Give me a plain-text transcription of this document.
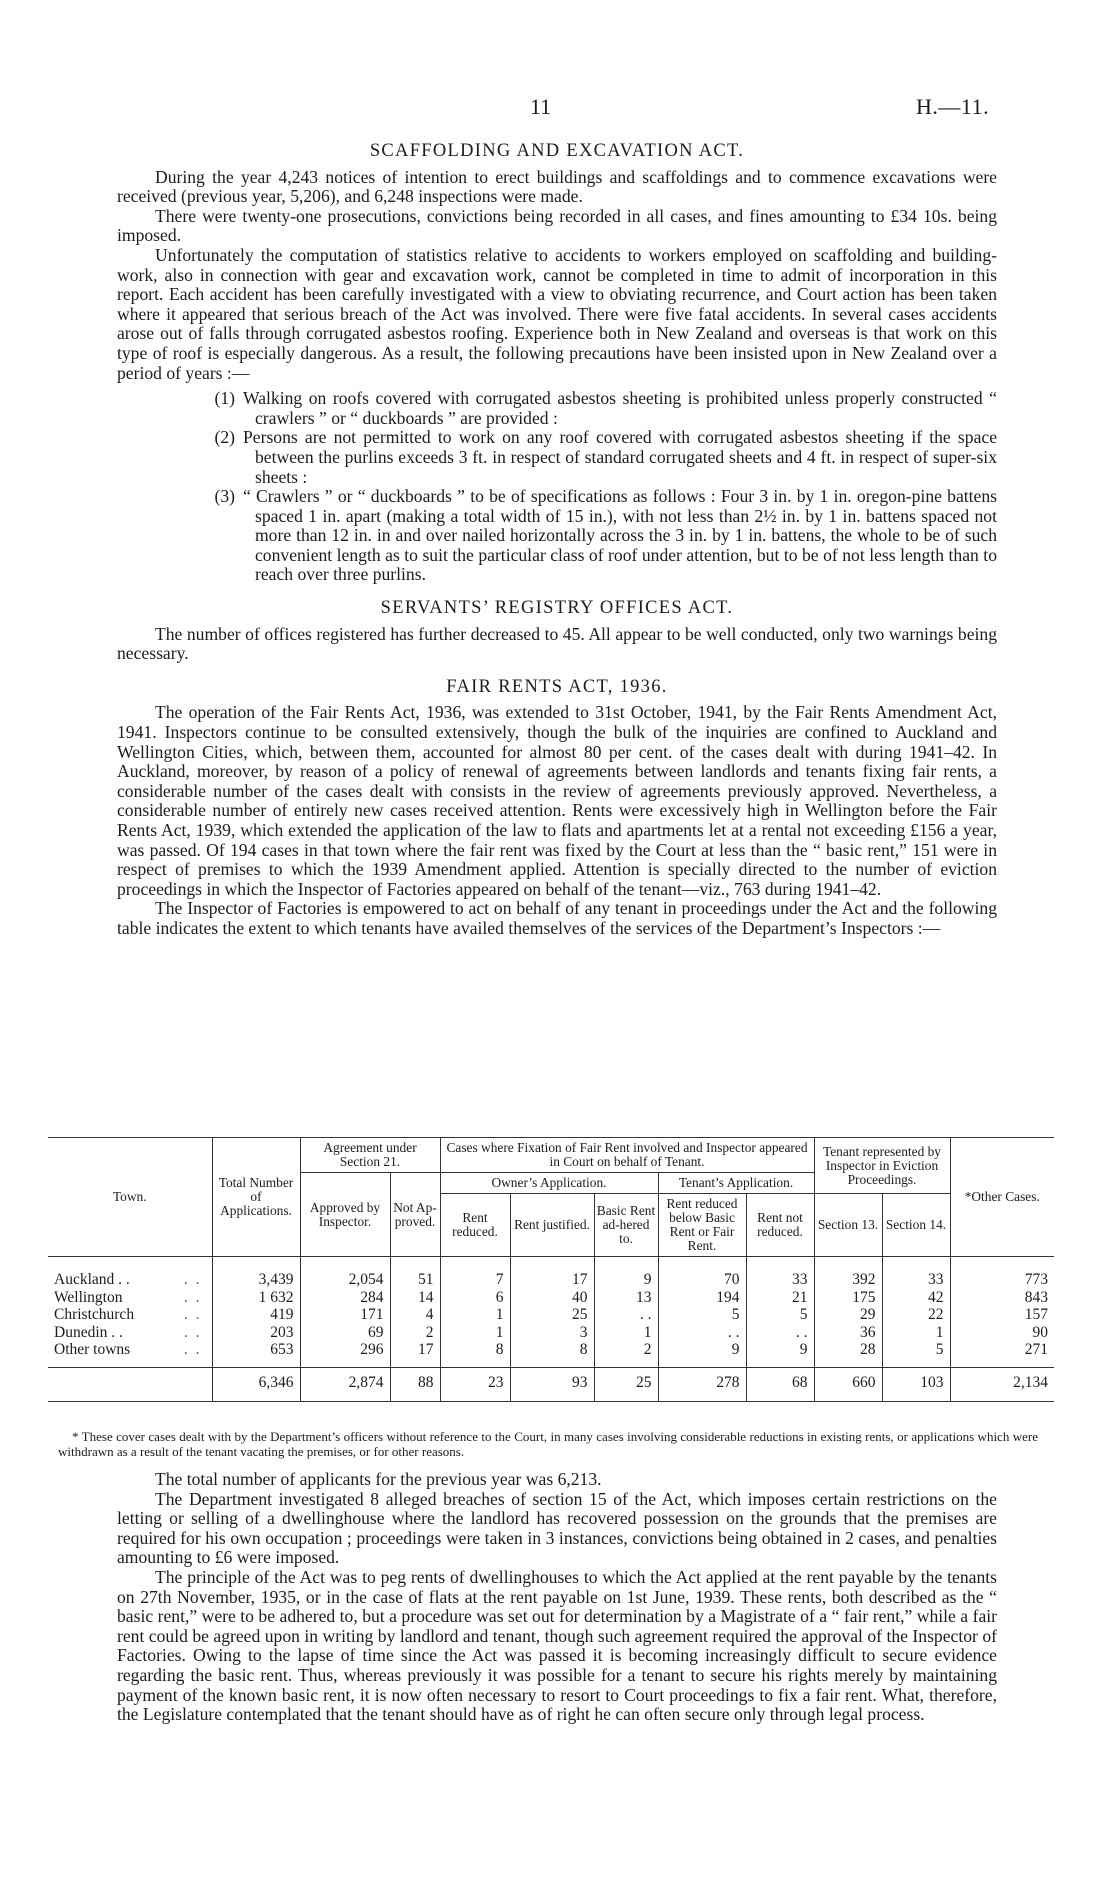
11	H.—11.

SCAFFOLDING AND EXCAVATION ACT.

During the year 4,243 notices of intention to erect buildings and scaffoldings and to commence excavations were received (previous year, 5,206), and 6,248 inspections were made.

There were twenty-one prosecutions, convictions being recorded in all cases, and fines amounting to £34 10s. being imposed.

Unfortunately the computation of statistics relative to accidents to workers employed on scaffolding and building-work, also in connection with gear and excavation work, cannot be completed in time to admit of incorporation in this report. Each accident has been carefully investigated with a view to obviating recurrence, and Court action has been taken where it appeared that serious breach of the Act was involved. There were five fatal accidents. In several cases accidents arose out of falls through corrugated asbestos roofing. Experience both in New Zealand and overseas is that work on this type of roof is especially dangerous. As a result, the following precautions have been insisted upon in New Zealand over a period of years :—

(1) Walking on roofs covered with corrugated asbestos sheeting is prohibited unless properly constructed “ crawlers ” or “ duckboards ” are provided :
(2) Persons are not permitted to work on any roof covered with corrugated asbestos sheeting if the space between the purlins exceeds 3 ft. in respect of standard corrugated sheets and 4 ft. in respect of super-six sheets :
(3) “ Crawlers ” or “ duckboards ” to be of specifications as follows : Four 3 in. by 1 in. oregon-pine battens spaced 1 in. apart (making a total width of 15 in.), with not less than 2½ in. by 1 in. battens spaced not more than 12 in. in and over nailed horizontally across the 3 in. by 1 in. battens, the whole to be of such convenient length as to suit the particular class of roof under attention, but to be of not less length than to reach over three purlins.

SERVANTS’ REGISTRY OFFICES ACT.

The number of offices registered has further decreased to 45. All appear to be well conducted, only two warnings being necessary.

FAIR RENTS ACT, 1936.

The operation of the Fair Rents Act, 1936, was extended to 31st October, 1941, by the Fair Rents Amendment Act, 1941. Inspectors continue to be consulted extensively, though the bulk of the inquiries are confined to Auckland and Wellington Cities, which, between them, accounted for almost 80 per cent. of the cases dealt with during 1941–42. In Auckland, moreover, by reason of a policy of renewal of agreements between landlords and tenants fixing fair rents, a considerable number of the cases dealt with consists in the review of agreements previously approved. Nevertheless, a considerable number of entirely new cases received attention. Rents were excessively high in Wellington before the Fair Rents Act, 1939, which extended the application of the law to flats and apartments let at a rental not exceeding £156 a year, was passed. Of 194 cases in that town where the fair rent was fixed by the Court at less than the “ basic rent,” 151 were in respect of premises to which the 1939 Amendment applied. Attention is specially directed to the number of eviction proceedings in which the Inspector of Factories appeared on behalf of the tenant—viz., 763 during 1941–42.

The Inspector of Factories is empowered to act on behalf of any tenant in proceedings under the Act and the following table indicates the extent to which tenants have availed themselves of the services of the Department’s Inspectors :—

Town.	Total Number of Applications.	Agreement under Section 21.		Cases where Fixation of Fair Rent involved and Inspector appeared in Court on behalf of Tenant.					Tenant represented by Inspector in Eviction Proceedings.		*Other Cases.
		Approved by Inspector.	Not Ap-proved.	Owner’s Application.			Tenant’s Application.				
				Rent reduced.	Rent justified.	Basic Rent ad-hered to.	Rent reduced below Basic Rent or Fair Rent.	Rent not reduced.	Section 13.	Section 14.	
Auckland . . . .	3,439	2,054	51	7	17	9	70	33	392	33	773
Wellington . .	1 632	284	14	6	40	13	194	21	175	42	843
Christchurch . .	419	171	4	1	25	. .	5	5	29	22	157
Dunedin . . . .	203	69	2	1	3	1	. .	. .	36	1	90
Other towns . .	653	296	17	8	8	2	9	9	28	5	271
	6,346	2,874	88	23	93	25	278	68	660	103	2,134
* These cover cases dealt with by the Department’s officers without reference to the Court, in many cases involving considerable reductions in existing rents, or applications which were withdrawn as a result of the tenant vacating the premises, or for other reasons.

The total number of applicants for the previous year was 6,213.

The Department investigated 8 alleged breaches of section 15 of the Act, which imposes certain restrictions on the letting or selling of a dwellinghouse where the landlord has recovered possession on the grounds that the premises are required for his own occupation ; proceedings were taken in 3 instances, convictions being obtained in 2 cases, and penalties amounting to £6 were imposed.

The principle of the Act was to peg rents of dwellinghouses to which the Act applied at the rent payable by the tenants on 27th November, 1935, or in the case of flats at the rent payable on 1st June, 1939. These rents, both described as the “ basic rent,” were to be adhered to, but a procedure was set out for determination by a Magistrate of a “ fair rent,” while a fair rent could be agreed upon in writing by landlord and tenant, though such agreement required the approval of the Inspector of Factories. Owing to the lapse of time since the Act was passed it is becoming increasingly difficult to secure evidence regarding the basic rent. Thus, whereas previously it was possible for a tenant to secure his rights merely by maintaining payment of the known basic rent, it is now often necessary to resort to Court proceedings to fix a fair rent. What, therefore, the Legislature contemplated that the tenant should have as of right he can often secure only through legal process.
